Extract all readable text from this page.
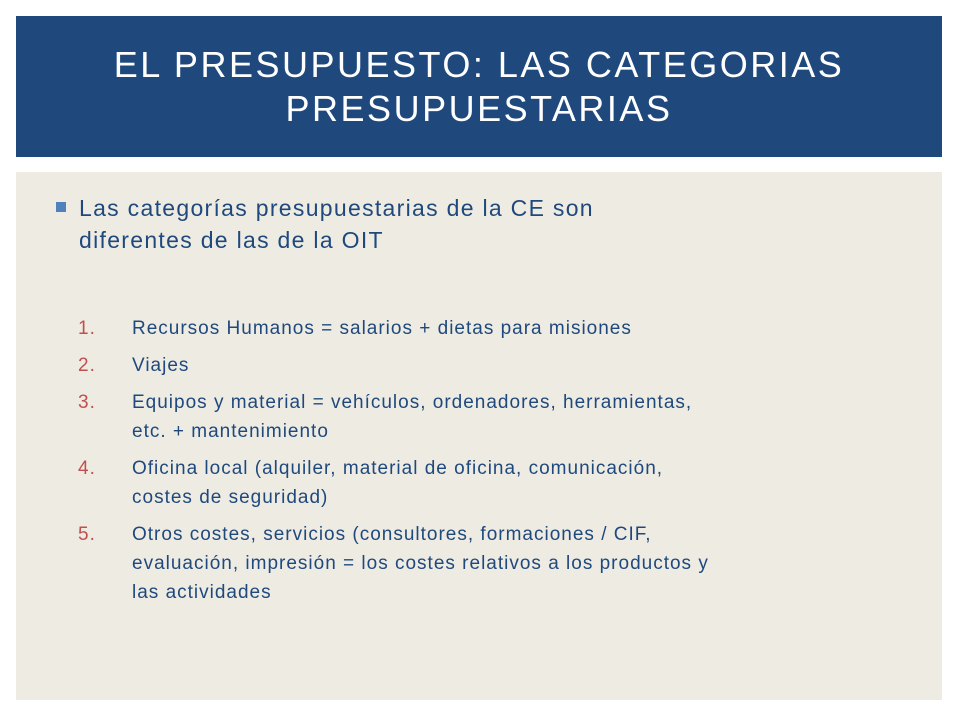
EL PRESUPUESTO: LAS CATEGORIAS
PRESUPUESTARIAS
Las categorías presupuestarias de la CE son
diferentes de las de la OIT
1.	Recursos Humanos = salarios + dietas para misiones
2.	Viajes
3.	Equipos y material = vehículos, ordenadores, herramientas,
etc. + mantenimiento
4.	Oficina local (alquiler, material de oficina, comunicación,
costes de seguridad)
5.	Otros costes, servicios (consultores, formaciones / CIF,
evaluación, impresión = los costes relativos a los productos y
las actividades
